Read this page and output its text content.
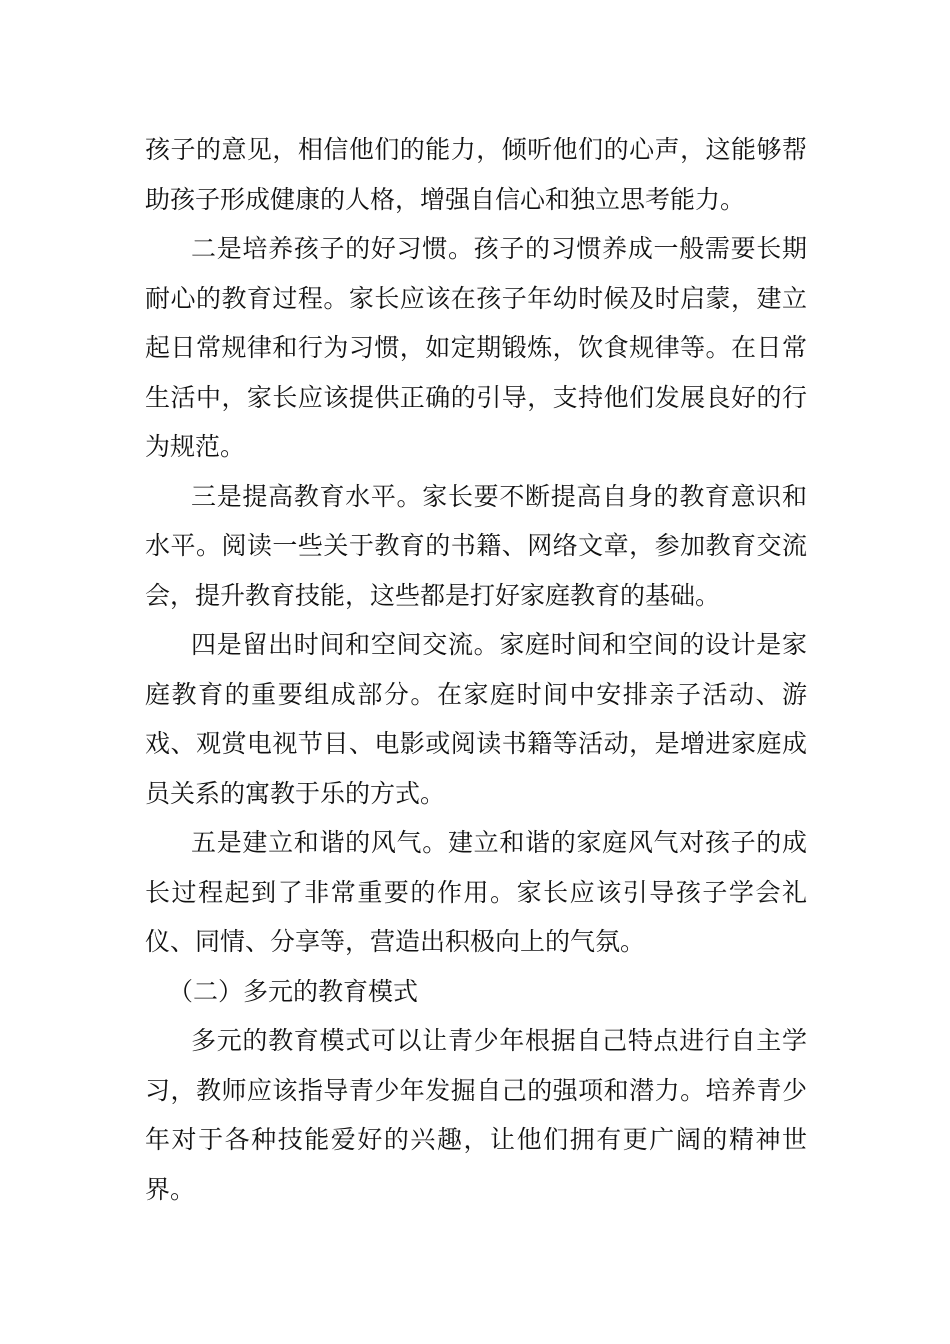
孩子的意见，相信他们的能力，倾听他们的心声，这能够帮助孩子形成健康的人格，增强自信心和独立思考能力。

二是培养孩子的好习惯。孩子的习惯养成一般需要长期耐心的教育过程。家长应该在孩子年幼时候及时启蒙，建立起日常规律和行为习惯，如定期锻炼，饮食规律等。在日常生活中，家长应该提供正确的引导，支持他们发展良好的行为规范。

三是提高教育水平。家长要不断提高自身的教育意识和水平。阅读一些关于教育的书籍、网络文章，参加教育交流会，提升教育技能，这些都是打好家庭教育的基础。

四是留出时间和空间交流。家庭时间和空间的设计是家庭教育的重要组成部分。在家庭时间中安排亲子活动、游戏、观赏电视节目、电影或阅读书籍等活动，是增进家庭成员关系的寓教于乐的方式。

五是建立和谐的风气。建立和谐的家庭风气对孩子的成长过程起到了非常重要的作用。家长应该引导孩子学会礼仪、同情、分享等，营造出积极向上的气氛。

（二）多元的教育模式

多元的教育模式可以让青少年根据自己特点进行自主学习，教师应该指导青少年发掘自己的强项和潜力。培养青少年对于各种技能爱好的兴趣，让他们拥有更广阔的精神世界。
